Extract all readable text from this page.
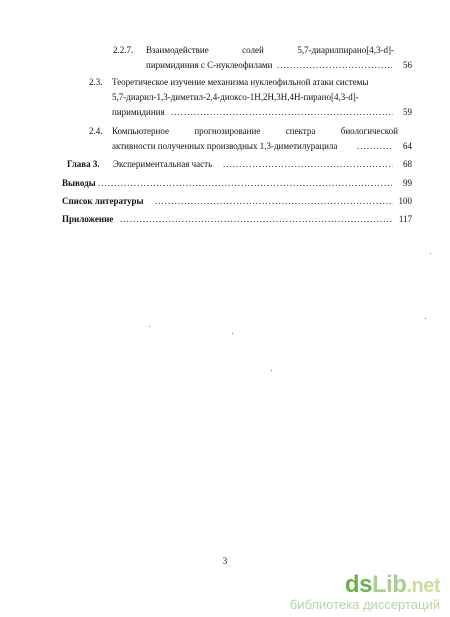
2.2.7. Взаимодействие	солей	5,7-диарилпирано[4,3-d]-
пиримидиния с С-нуклеофилами .....	56
2.3. Теоретическое изучение механизма нуклеофильной атаки системы
5,7-диарил-1,3-диметил-2,4-диоксо-1H,2H,3H,4H-пирано[4,3-d]-
пиримидиния .....	59
2.4. Компьютерное	прогнозирование	спектра	биологической
активности полученных производных 1,3-диметилурацила .....	64
Глава 3. Экспериментальная часть .....	68
Выводы .....	99
Список литературы .....	100
Приложение .....	117
3
dsLib.net
библиотека диссертаций
